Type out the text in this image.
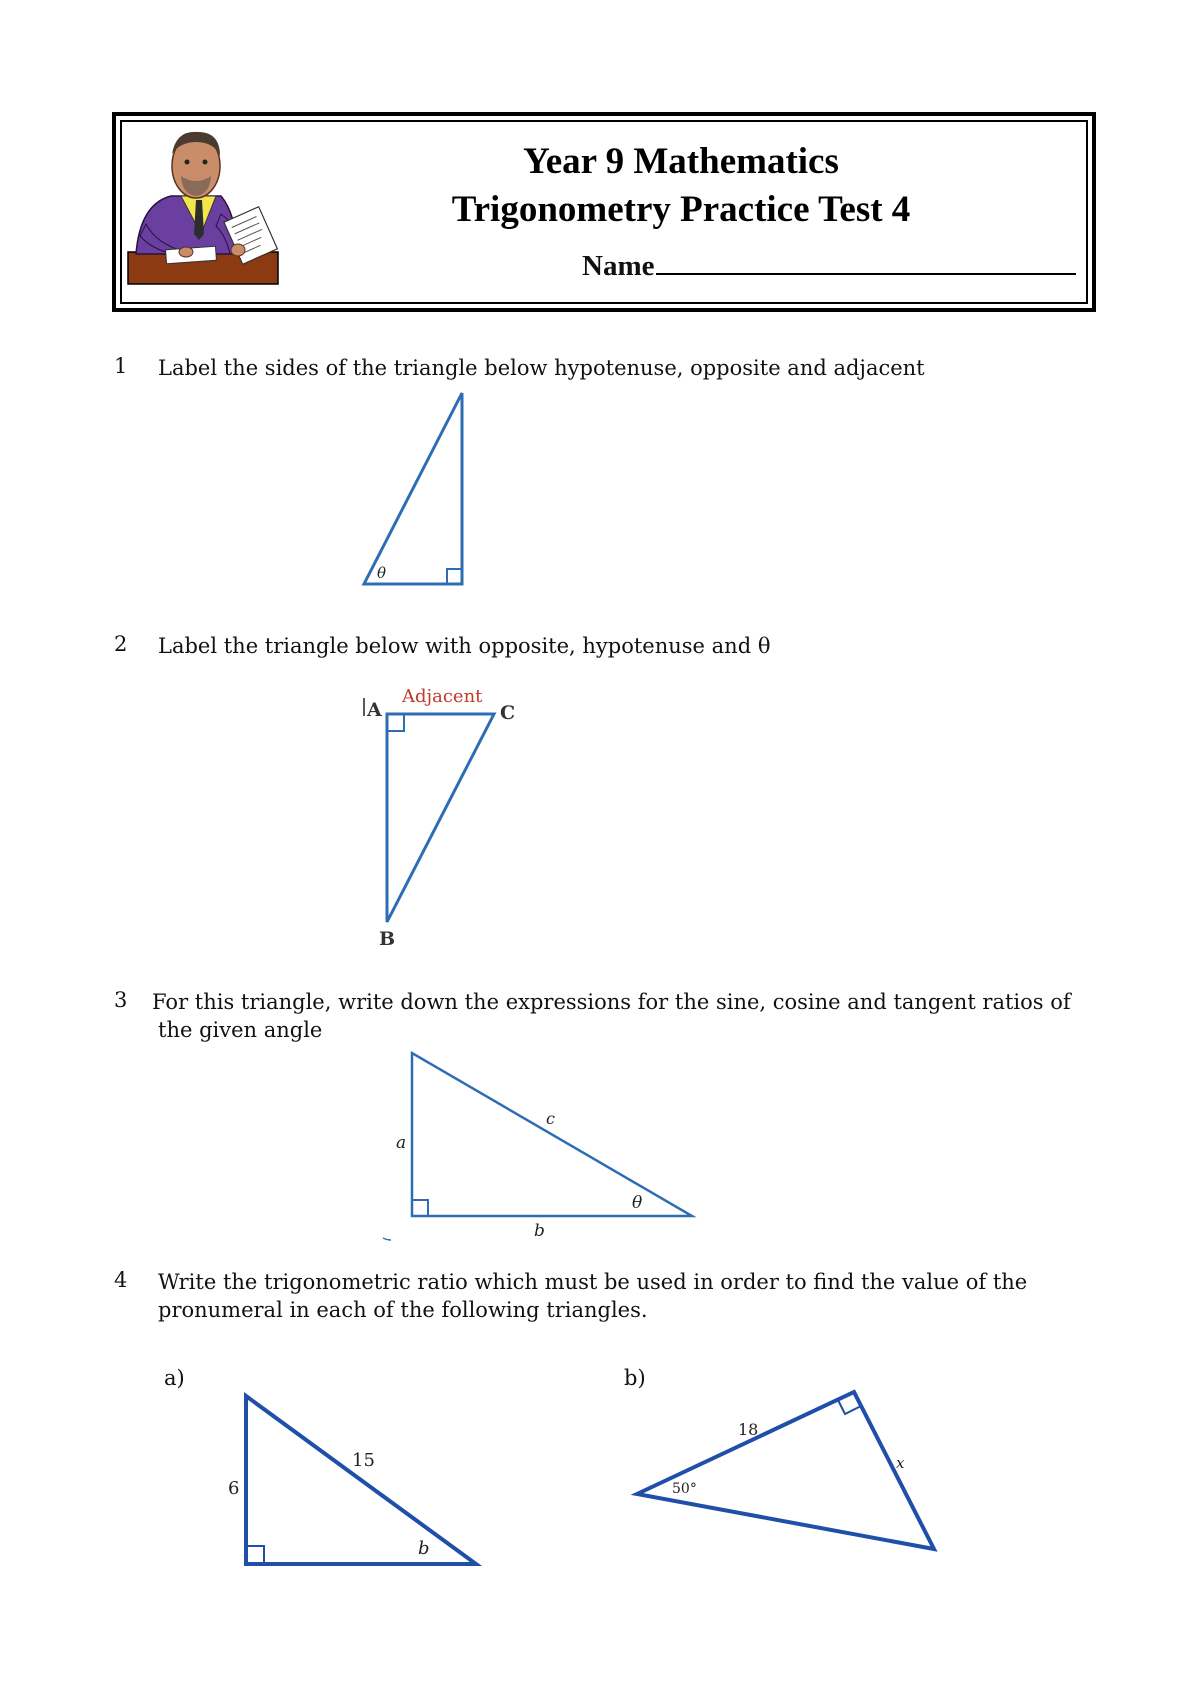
Year 9 Mathematics
Trigonometry Practice Test 4
Name
1 Label the sides of the triangle below hypotenuse, opposite and adjacent
θ
2 Label the triangle below with opposite, hypotenuse and θ
A	C
B
Adjacent
3 For this triangle, write down the expressions for the sine, cosine and tangent ratios of
the given angle
a
c
b
θ
4 Write the trigonometric ratio which must be used in order to find the value of the
pronumeral in each of the following triangles.
a)	b)
6
15
b
18
x
50°
